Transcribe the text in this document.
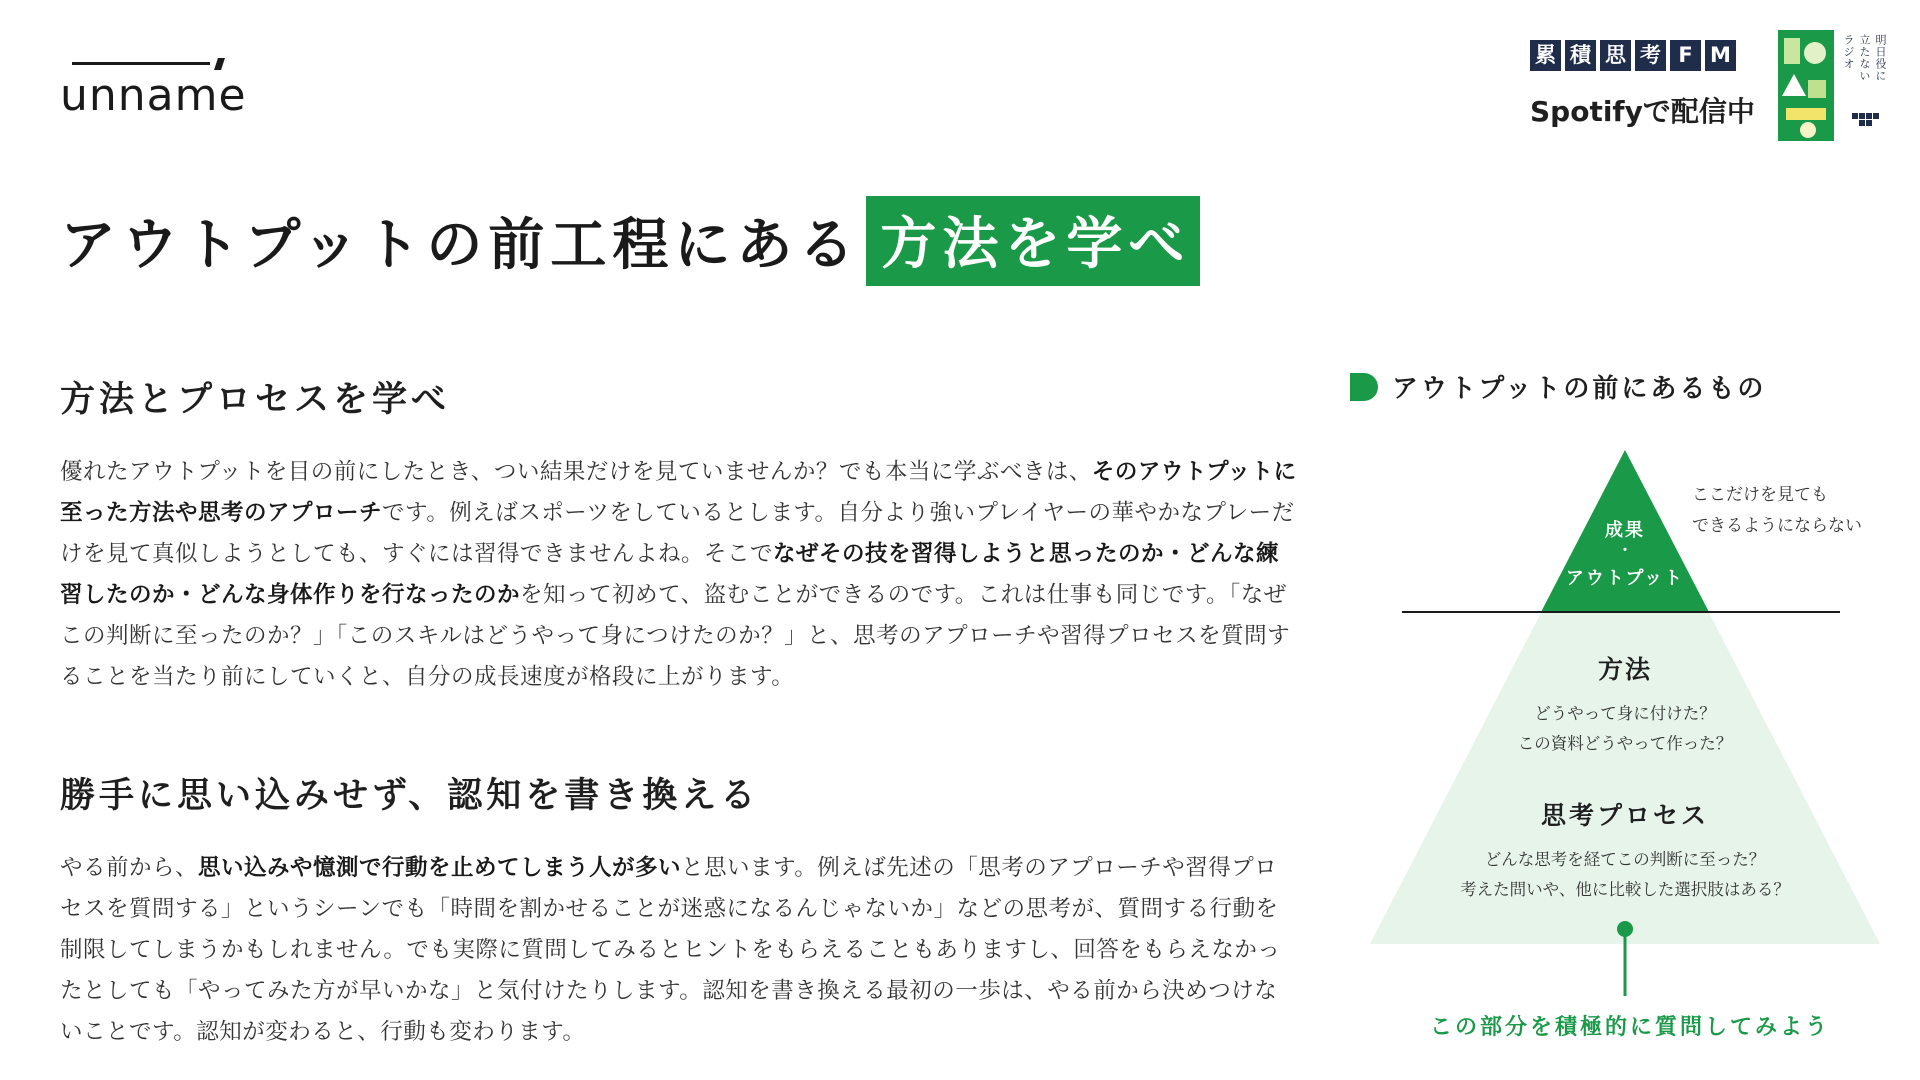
unname
累 積 思 考 F M
Spotifyで配信中
明日役に
立たない
ラジオ
アウトプットの前工程にある 方法を学べ
方法とプロセスを学べ
優れたアウトプットを目の前にしたとき、つい結果だけを見ていませんか？でも本当に学ぶべきは、そのアウトプットに至った方法や思考のアプローチです。例えばスポーツをしているとします。自分より強いプレイヤーの華やかなプレーだけを見て真似しようとしても、すぐには習得できませんよね。そこでなぜその技を習得しようと思ったのか・どんな練習したのか・どんな身体作りを行なったのかを知って初めて、盗むことができるのです。これは仕事も同じです。「なぜこの判断に至ったのか？」「このスキルはどうやって身につけたのか？」と、思考のアプローチや習得プロセスを質問することを当たり前にしていくと、自分の成長速度が格段に上がります。
勝手に思い込みせず、認知を書き換える
やる前から、思い込みや憶測で行動を止めてしまう人が多いと思います。例えば先述の「思考のアプローチや習得プロセスを質問する」というシーンでも「時間を割かせることが迷惑になるんじゃないか」などの思考が、質問する行動を制限してしまうかもしれません。でも実際に質問してみるとヒントをもらえることもありますし、回答をもらえなかったとしても「やってみた方が早いかな」と気付けたりします。認知を書き換える最初の一歩は、やる前から決めつけないことです。認知が変わると、行動も変わります。
アウトプットの前にあるもの
成果
・
アウトプット
ここだけを見ても
できるようにならない
方法
どうやって身に付けた？
この資料どうやって作った？
思考プロセス
どんな思考を経てこの判断に至った？
考えた問いや、他に比較した選択肢はある？
この部分を積極的に質問してみよう
